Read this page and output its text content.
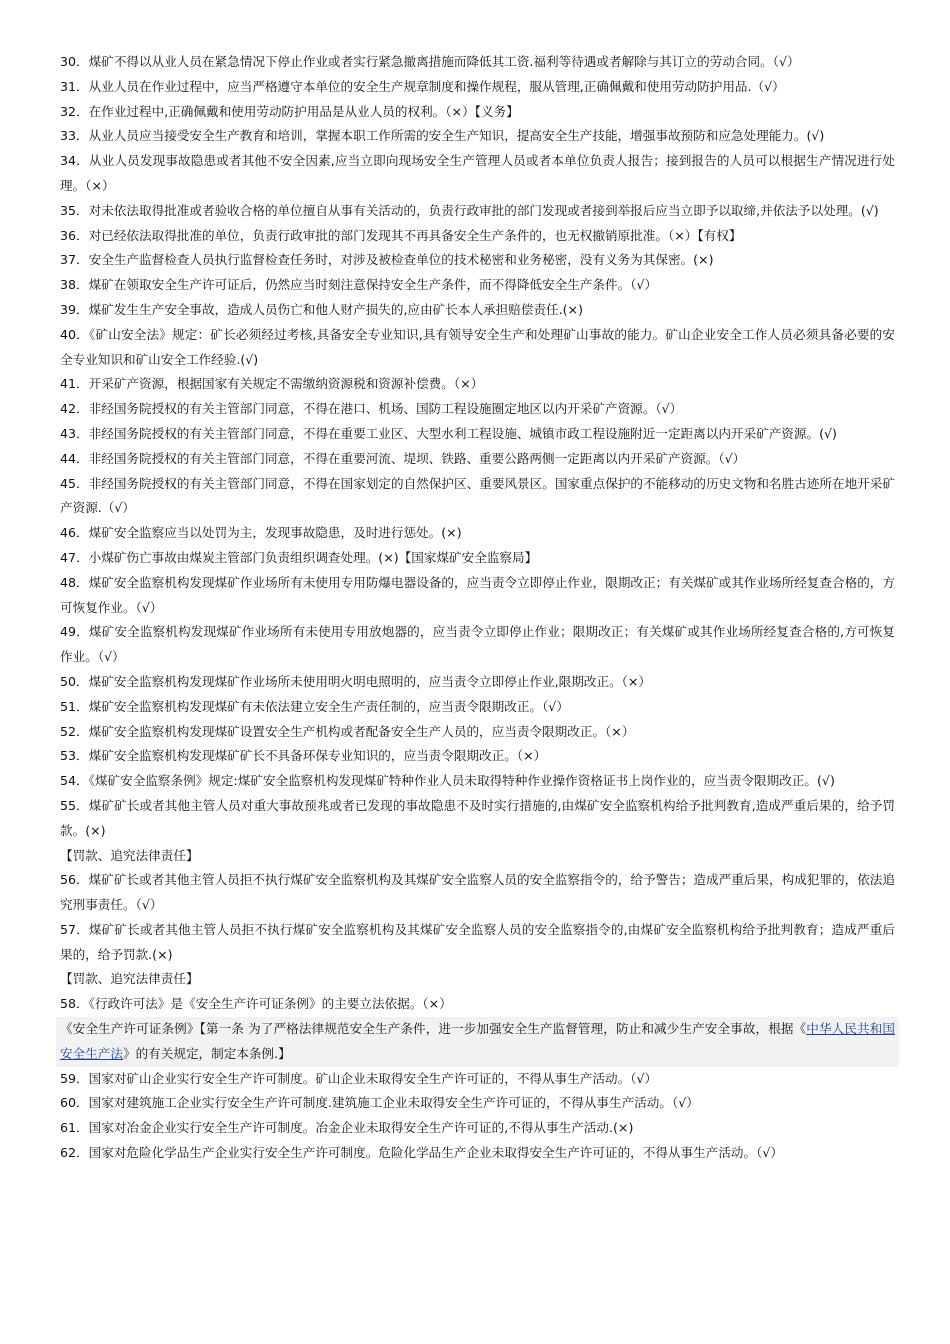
30．煤矿不得以从业人员在紧急情况下停止作业或者实行紧急撤离措施而降低其工资.福利等待遇或者解除与其订立的劳动合同。（√）
31．从业人员在作业过程中，应当严格遵守本单位的安全生产规章制度和操作规程，服从管理,正确佩戴和使用劳动防护用品.（√）
32．在作业过程中,正确佩戴和使用劳动防护用品是从业人员的权利。（×）【义务】
33．从业人员应当接受安全生产教育和培训，掌握本职工作所需的安全生产知识，提高安全生产技能，增强事故预防和应急处理能力。(√)
34．从业人员发现事故隐患或者其他不安全因素,应当立即向现场安全生产管理人员或者本单位负责人报告；接到报告的人员可以根据生产情况进行处理。（×）
35．对未依法取得批准或者验收合格的单位擅自从事有关活动的，负责行政审批的部门发现或者接到举报后应当立即予以取缔,并依法予以处理。(√)
36．对已经依法取得批准的单位，负责行政审批的部门发现其不再具备安全生产条件的，也无权撤销原批准。（×）【有权】
37．安全生产监督检查人员执行监督检查任务时，对涉及被检查单位的技术秘密和业务秘密，没有义务为其保密。(×)
38．煤矿在领取安全生产许可证后，仍然应当时刻注意保持安全生产条件，而不得降低安全生产条件。（√）
39．煤矿发生生产安全事故，造成人员伤亡和他人财产损失的,应由矿长本人承担赔偿责任.(×)
40．《矿山安全法》规定：矿长必须经过考核,具备安全专业知识,具有领导安全生产和处理矿山事故的能力。矿山企业安全工作人员必须具备必要的安全专业知识和矿山安全工作经验.(√)
41．开采矿产资源，根据国家有关规定不需缴纳资源税和资源补偿费。（×）
42．非经国务院授权的有关主管部门同意，不得在港口、机场、国防工程设施圈定地区以内开采矿产资源。（√）
43．非经国务院授权的有关主管部门同意，不得在重要工业区、大型水利工程设施、城镇市政工程设施附近一定距离以内开采矿产资源。(√)
44．非经国务院授权的有关主管部门同意，不得在重要河流、堤坝、铁路、重要公路两侧一定距离以内开采矿产资源。（√）
45．非经国务院授权的有关主管部门同意，不得在国家划定的自然保护区、重要风景区。国家重点保护的不能移动的历史文物和名胜古迹所在地开采矿产资源.（√）
46．煤矿安全监察应当以处罚为主，发现事故隐患，及时进行惩处。(×)
47．小煤矿伤亡事故由煤炭主管部门负责组织调查处理。(×)【国家煤矿安全监察局】
48．煤矿安全监察机构发现煤矿作业场所有未使用专用防爆电器设备的，应当责令立即停止作业，限期改正；有关煤矿或其作业场所经复查合格的，方可恢复作业。（√）
49．煤矿安全监察机构发现煤矿作业场所有未使用专用放炮器的，应当责令立即停止作业；限期改正；有关煤矿或其作业场所经复查合格的,方可恢复作业。（√）
50．煤矿安全监察机构发现煤矿作业场所未使用明火明电照明的，应当责令立即停止作业,限期改正。（×）
51．煤矿安全监察机构发现煤矿有未依法建立安全生产责任制的，应当责令限期改正。（√）
52．煤矿安全监察机构发现煤矿设置安全生产机构或者配备安全生产人员的，应当责令限期改正。（×）
53．煤矿安全监察机构发现煤矿矿长不具备环保专业知识的，应当责令限期改正。（×）
54．《煤矿安全监察条例》规定:煤矿安全监察机构发现煤矿特种作业人员未取得特种作业操作资格证书上岗作业的，应当责令限期改正。(√)
55．煤矿矿长或者其他主管人员对重大事故预兆或者已发现的事故隐患不及时实行措施的,由煤矿安全监察机构给予批判教育,造成严重后果的，给予罚款。(×)
【罚款、追究法律责任】
56．煤矿矿长或者其他主管人员拒不执行煤矿安全监察机构及其煤矿安全监察人员的安全监察指令的，给予警告；造成严重后果，构成犯罪的，依法追究刑事责任。（√）
57．煤矿矿长或者其他主管人员拒不执行煤矿安全监察机构及其煤矿安全监察人员的安全监察指令的,由煤矿安全监察机构给予批判教育；造成严重后果的，给予罚款.(×)
【罚款、追究法律责任】
58．《行政许可法》是《安全生产许可证条例》的主要立法依据。（×）
《安全生产许可证条例》【第一条 为了严格法律规范安全生产条件，进一步加强安全生产监督管理，防止和减少生产安全事故，根据《中华人民共和国安全生产法》的有关规定，制定本条例.】
59．国家对矿山企业实行安全生产许可制度。矿山企业未取得安全生产许可证的，不得从事生产活动。（√）
60．国家对建筑施工企业实行安全生产许可制度.建筑施工企业未取得安全生产许可证的，不得从事生产活动。（√）
61．国家对冶金企业实行安全生产许可制度。冶金企业未取得安全生产许可证的,不得从事生产活动.(×)
62．国家对危险化学品生产企业实行安全生产许可制度。危险化学品生产企业未取得安全生产许可证的，不得从事生产活动。（√）
